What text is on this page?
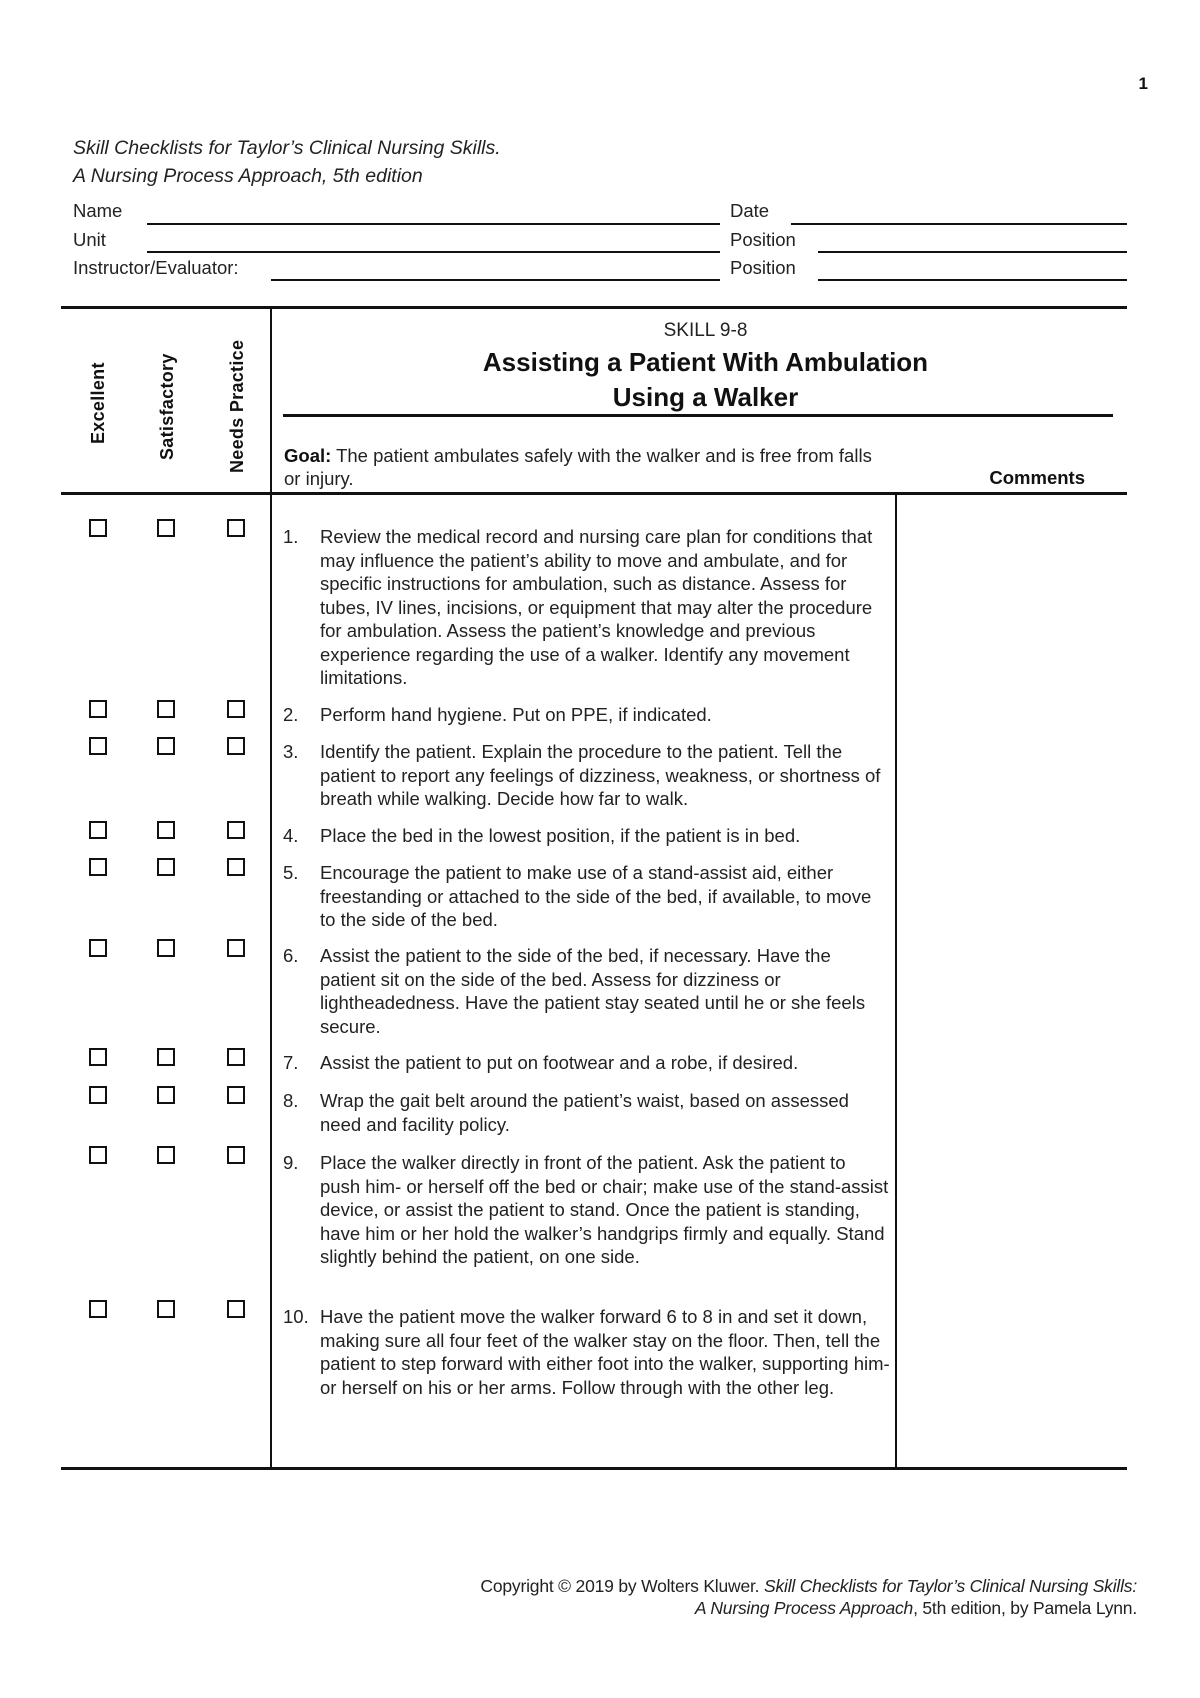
1
Skill Checklists for Taylor’s Clinical Nursing Skills.
A Nursing Process Approach, 5th edition
Name	Date
Unit	Position
Instructor/Evaluator:	Position
Excellent	Satisfactory	Needs Practice
SKILL 9-8
Assisting a Patient With Ambulation
Using a Walker
Goal: The patient ambulates safely with the walker and is free from falls or injury.	Comments
1.	Review the medical record and nursing care plan for conditions that may influence the patient’s ability to move and ambulate, and for specific instructions for ambulation, such as distance. Assess for tubes, IV lines, incisions, or equipment that may alter the procedure for ambulation. Assess the patient’s knowledge and previous experience regarding the use of a walker. Identify any movement limitations.
2.	Perform hand hygiene. Put on PPE, if indicated.
3.	Identify the patient. Explain the procedure to the patient. Tell the patient to report any feelings of dizziness, weakness, or shortness of breath while walking. Decide how far to walk.
4.	Place the bed in the lowest position, if the patient is in bed.
5.	Encourage the patient to make use of a stand-assist aid, either freestanding or attached to the side of the bed, if available, to move to the side of the bed.
6.	Assist the patient to the side of the bed, if necessary. Have the patient sit on the side of the bed. Assess for dizziness or lightheadedness. Have the patient stay seated until he or she feels secure.
7.	Assist the patient to put on footwear and a robe, if desired.
8.	Wrap the gait belt around the patient’s waist, based on assessed need and facility policy.
9.	Place the walker directly in front of the patient. Ask the patient to push him- or herself off the bed or chair; make use of the stand-assist device, or assist the patient to stand. Once the patient is standing, have him or her hold the walker’s handgrips firmly and equally. Stand slightly behind the patient, on one side.
10. Have the patient move the walker forward 6 to 8 in and set it down, making sure all four feet of the walker stay on the floor. Then, tell the patient to step forward with either foot into the walker, supporting him- or herself on his or her arms. Follow through with the other leg.
Copyright © 2019 by Wolters Kluwer. Skill Checklists for Taylor’s Clinical Nursing Skills:
A Nursing Process Approach, 5th edition, by Pamela Lynn.
